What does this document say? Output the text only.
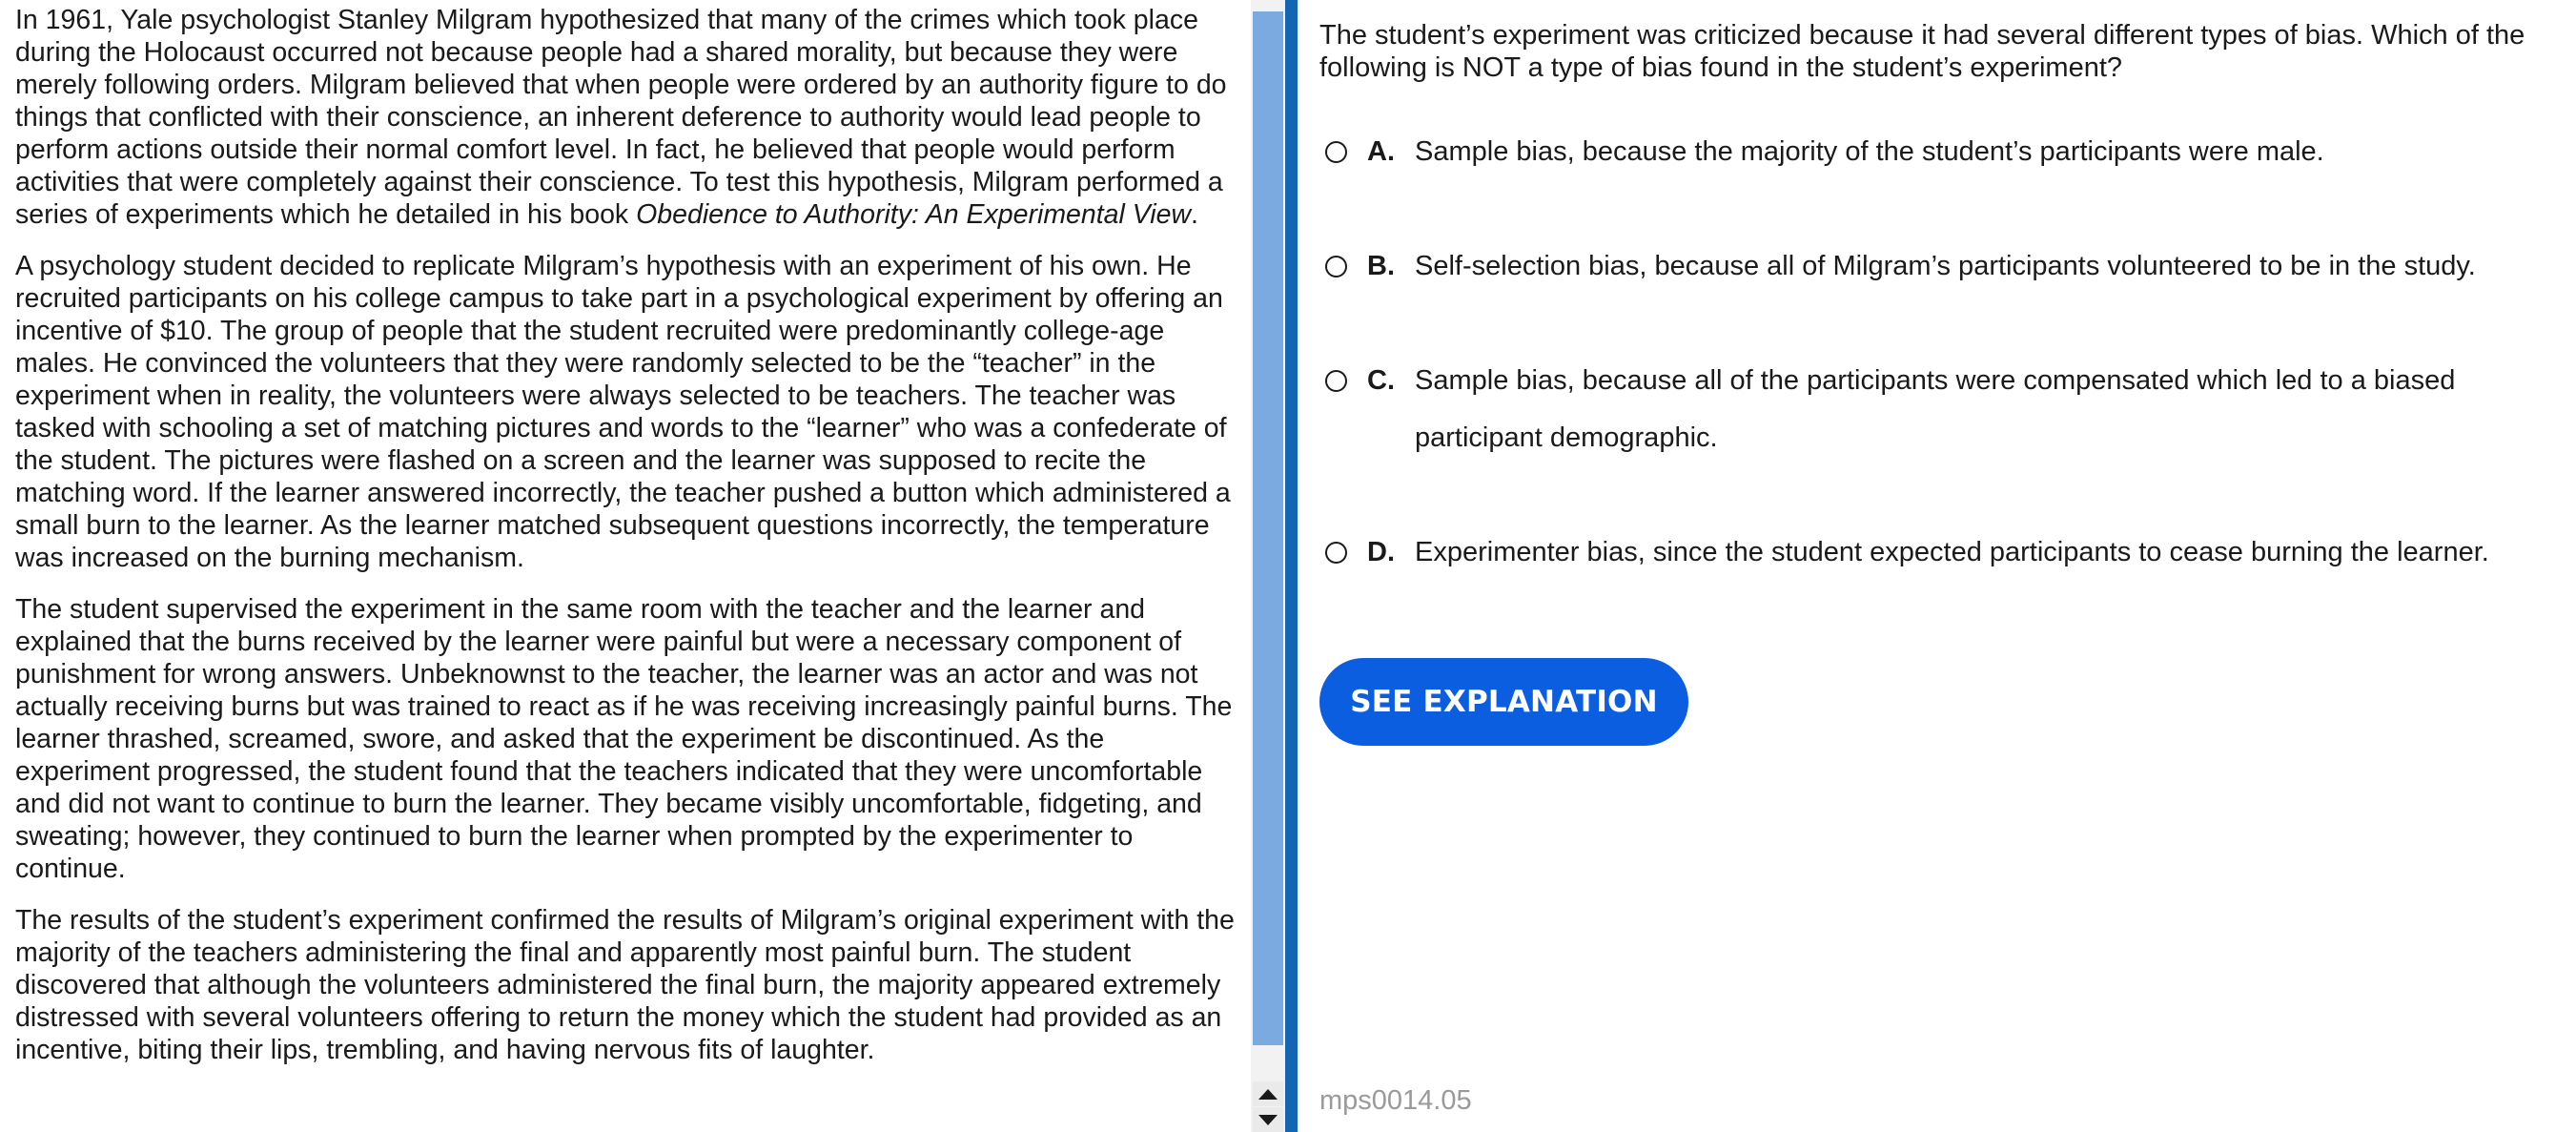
In 1961, Yale psychologist Stanley Milgram hypothesized that many of the crimes which took place during the Holocaust occurred not because people had a shared morality, but because they were merely following orders. Milgram believed that when people were ordered by an authority figure to do things that conflicted with their conscience, an inherent deference to authority would lead people to perform actions outside their normal comfort level. In fact, he believed that people would perform activities that were completely against their conscience. To test this hypothesis, Milgram performed a series of experiments which he detailed in his book Obedience to Authority: An Experimental View.

A psychology student decided to replicate Milgram’s hypothesis with an experiment of his own. He recruited participants on his college campus to take part in a psychological experiment by offering an incentive of $10. The group of people that the student recruited were predominantly college-age males. He convinced the volunteers that they were randomly selected to be the “teacher” in the experiment when in reality, the volunteers were always selected to be teachers. The teacher was tasked with schooling a set of matching pictures and words to the “learner” who was a confederate of the student. The pictures were flashed on a screen and the learner was supposed to recite the matching word. If the learner answered incorrectly, the teacher pushed a button which administered a small burn to the learner. As the learner matched subsequent questions incorrectly, the temperature was increased on the burning mechanism.

The student supervised the experiment in the same room with the teacher and the learner and explained that the burns received by the learner were painful but were a necessary component of punishment for wrong answers. Unbeknownst to the teacher, the learner was an actor and was not actually receiving burns but was trained to react as if he was receiving increasingly painful burns. The learner thrashed, screamed, swore, and asked that the experiment be discontinued. As the experiment progressed, the student found that the teachers indicated that they were uncomfortable and did not want to continue to burn the learner. They became visibly uncomfortable, fidgeting, and sweating; however, they continued to burn the learner when prompted by the experimenter to continue.

The results of the student’s experiment confirmed the results of Milgram’s original experiment with the majority of the teachers administering the final and apparently most painful burn. The student discovered that although the volunteers administered the final burn, the majority appeared extremely distressed with several volunteers offering to return the money which the student had provided as an incentive, biting their lips, trembling, and having nervous fits of laughter.

The student’s experiment was criticized because it had several different types of bias. Which of the following is NOT a type of bias found in the student’s experiment?
A. Sample bias, because the majority of the student’s participants were male.
B. Self-selection bias, because all of Milgram’s participants volunteered to be in the study.
C. Sample bias, because all of the participants were compensated which led to a biased participant demographic.
D. Experimenter bias, since the student expected participants to cease burning the learner.
SEE EXPLANATION
mps0014.05
